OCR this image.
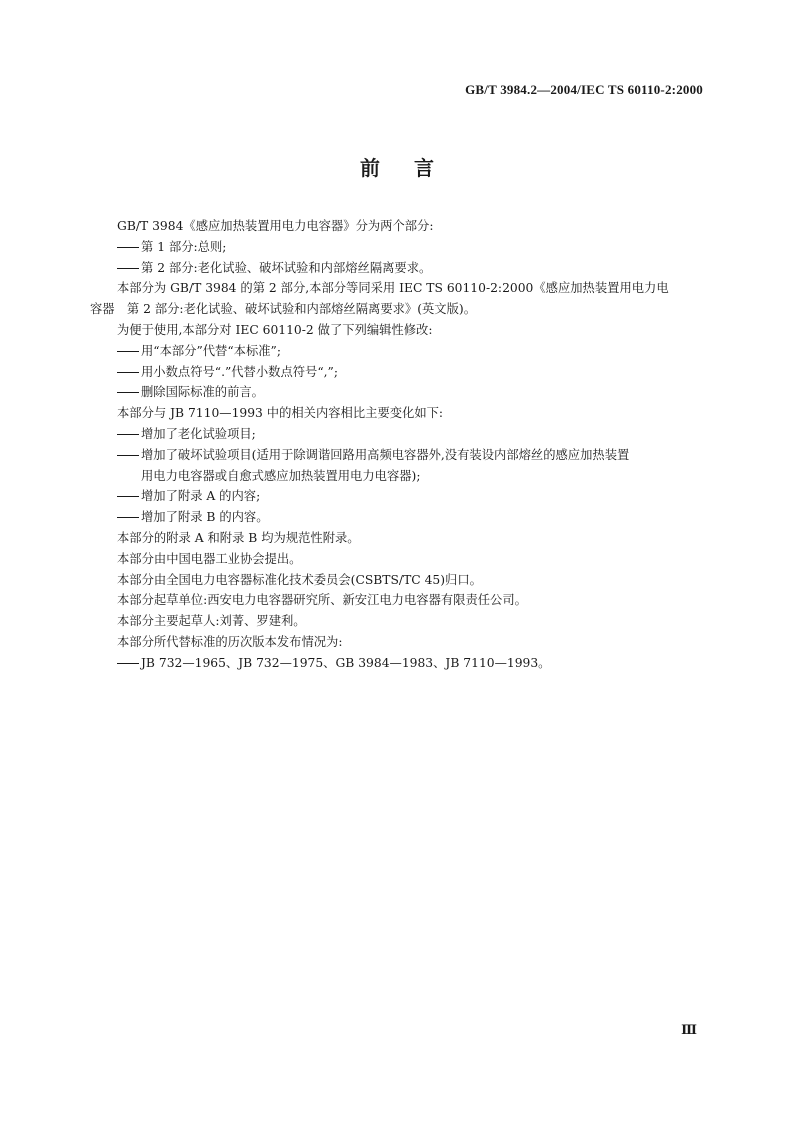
GB/T 3984.2—2004/IEC TS 60110-2:2000
前言

GB/T 3984《感应加热装置用电力电容器》分为两个部分:

第 1 部分:总则;

第 2 部分:老化试验、破坏试验和内部熔丝隔离要求。

本部分为 GB/T 3984 的第 2 部分,本部分等同采用 IEC TS 60110-2:2000《感应加热装置用电力电

容器　第 2 部分:老化试验、破坏试验和内部熔丝隔离要求》(英文版)。

为便于使用,本部分对 IEC 60110-2 做了下列编辑性修改:

用“本部分”代替“本标准”;

用小数点符号“.”代替小数点符号“,”;

删除国际标准的前言。

本部分与 JB 7110—1993 中的相关内容相比主要变化如下:

增加了老化试验项目;

增加了破坏试验项目(适用于除调谐回路用高频电容器外,没有装设内部熔丝的感应加热装置

用电力电容器或自愈式感应加热装置用电力电容器);

增加了附录 A 的内容;

增加了附录 B 的内容。

本部分的附录 A 和附录 B 均为规范性附录。

本部分由中国电器工业协会提出。

本部分由全国电力电容器标准化技术委员会(CSBTS/TC 45)归口。

本部分起草单位:西安电力电容器研究所、新安江电力电容器有限责任公司。

本部分主要起草人:刘菁、罗建利。

本部分所代替标准的历次版本发布情况为:

JB 732—1965、JB 732—1975、GB 3984—1983、JB 7110—1993。

Ⅲ
